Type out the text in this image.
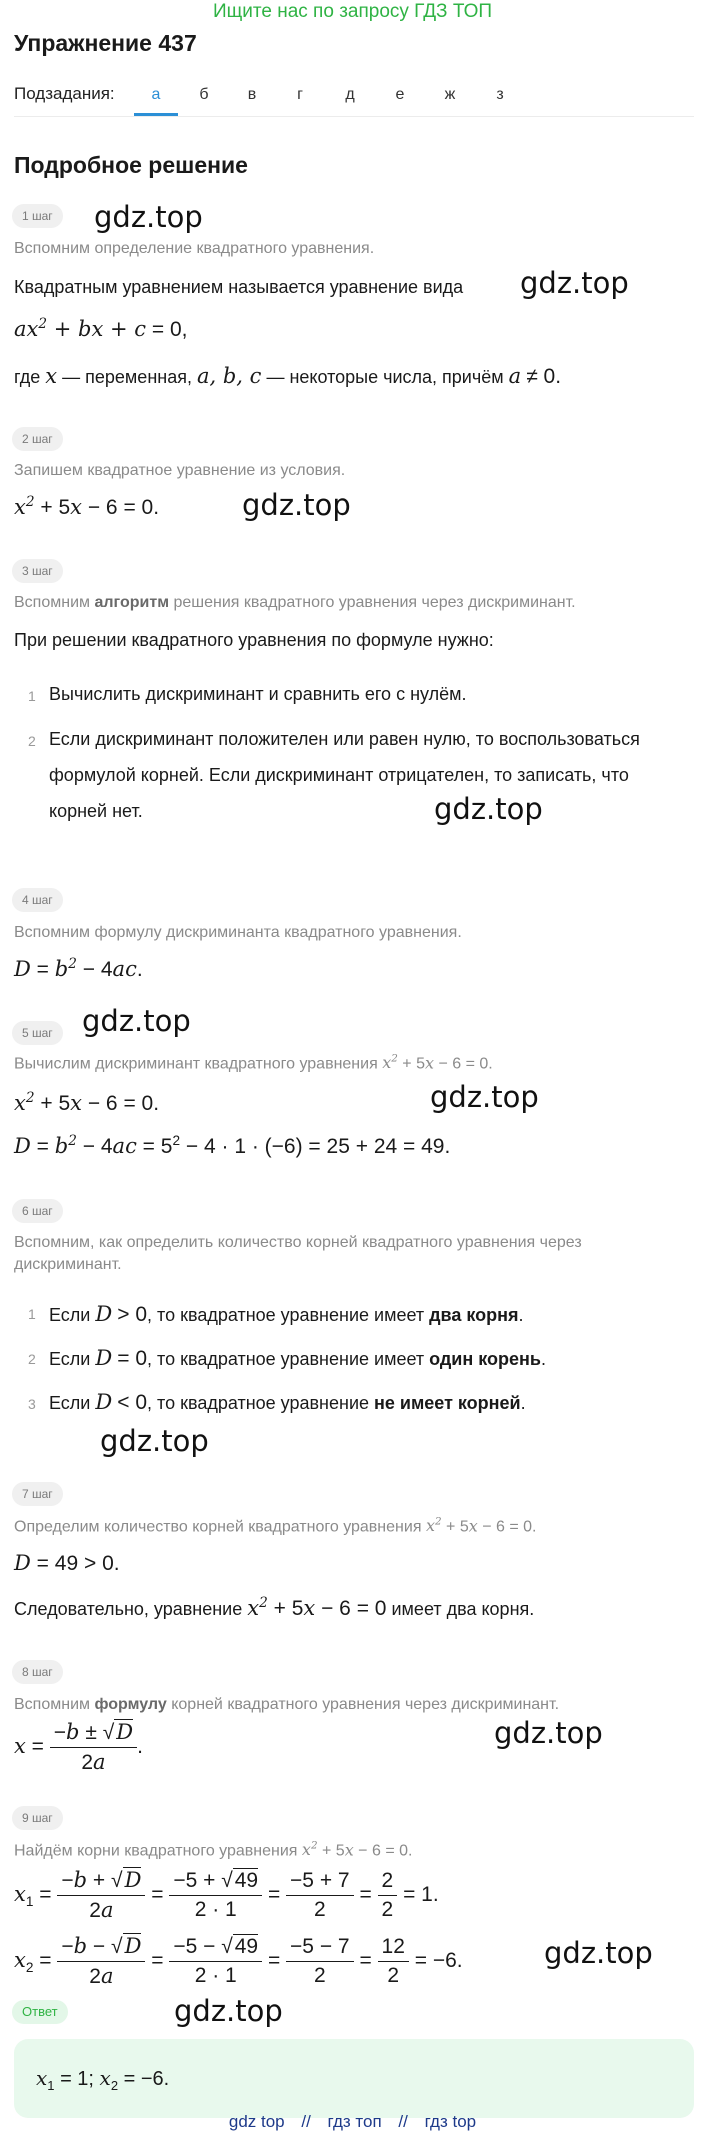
Ищите нас по запросу ГДЗ ТОП
Упражнение 437
Подзадания:	а	б	в	г	д	е	ж	з
Подробное решение
1 шаг	gdz.top
Вспомним определение квадратного уравнения.
Квадратным уравнением называется уравнение вида gdz.top
$ax^2$ + bx + c = 0,
где x — переменная, a, b, c — некоторые числа, причём a ≠ 0.
2 шаг
Запишем квадратное уравнение из условия.
$x^2 + 5x - 6 = 0$.	gdz.top
3 шаг
Вспомним алгоритм решения квадратного уравнения через дискриминант.
При решении квадратного уравнения по формуле нужно:
1 Вычислить дискриминант и сравнить его с нулём.
2 Если дискриминант положителен или равен нулю, то воспользоваться
формулой корней. Если дискриминант отрицателен, то записать, что
корней нет.	gdz.top
4 шаг
Вспомним формулу дискриминанта квадратного уравнения.
$D = b^2 - 4ac$.
5 шаг	gdz.top
Вычислим дискриминант квадратного уравнения $x^2 + 5x - 6 = 0$.
$x^2 + 5x - 6 = 0$.	gdz.top
$D = b^2 - 4ac = 5^2 - 4 \cdot 1 \cdot (-6) = 25 + 24 = 49$.
6 шаг
Вспомним, как определить количество корней квадратного уравнения через
дискриминант.
1 Если D > 0, то квадратное уравнение имеет два корня.
2 Если D = 0, то квадратное уравнение имеет один корень.
3 Если D < 0, то квадратное уравнение не имеет корней.
gdz.top
7 шаг
Определим количество корней квадратного уравнения $x^2 + 5x - 6 = 0$.
D = 49 > 0.
Следовательно, уравнение $x^2 + 5x - 6 = 0$ имеет два корня.
8 шаг
Вспомним формулу корней квадратного уравнения через дискриминант.
$x = \frac{-b \pm √D}{2a}$ .	gdz.top
9 шаг
Найдём корни квадратного уравнения $x^2 + 5x - 6 = 0$.
$x_1 = \frac{-b + √D}{2a} = \frac{-5 + √49}{2 \cdot 1} = \frac{-5 + 7}{2} = \frac{2}{2} = 1$.
$x_2 = \frac{-b - √D}{2a} = \frac{-5 - √49}{2 \cdot 1} = \frac{-5 - 7}{2} = \frac{12}{2} = -6$.	gdz.top
Ответ	gdz.top
$x_1 = 1$; $x_2 = -6$.
gdz top // гдз топ // гдз top
